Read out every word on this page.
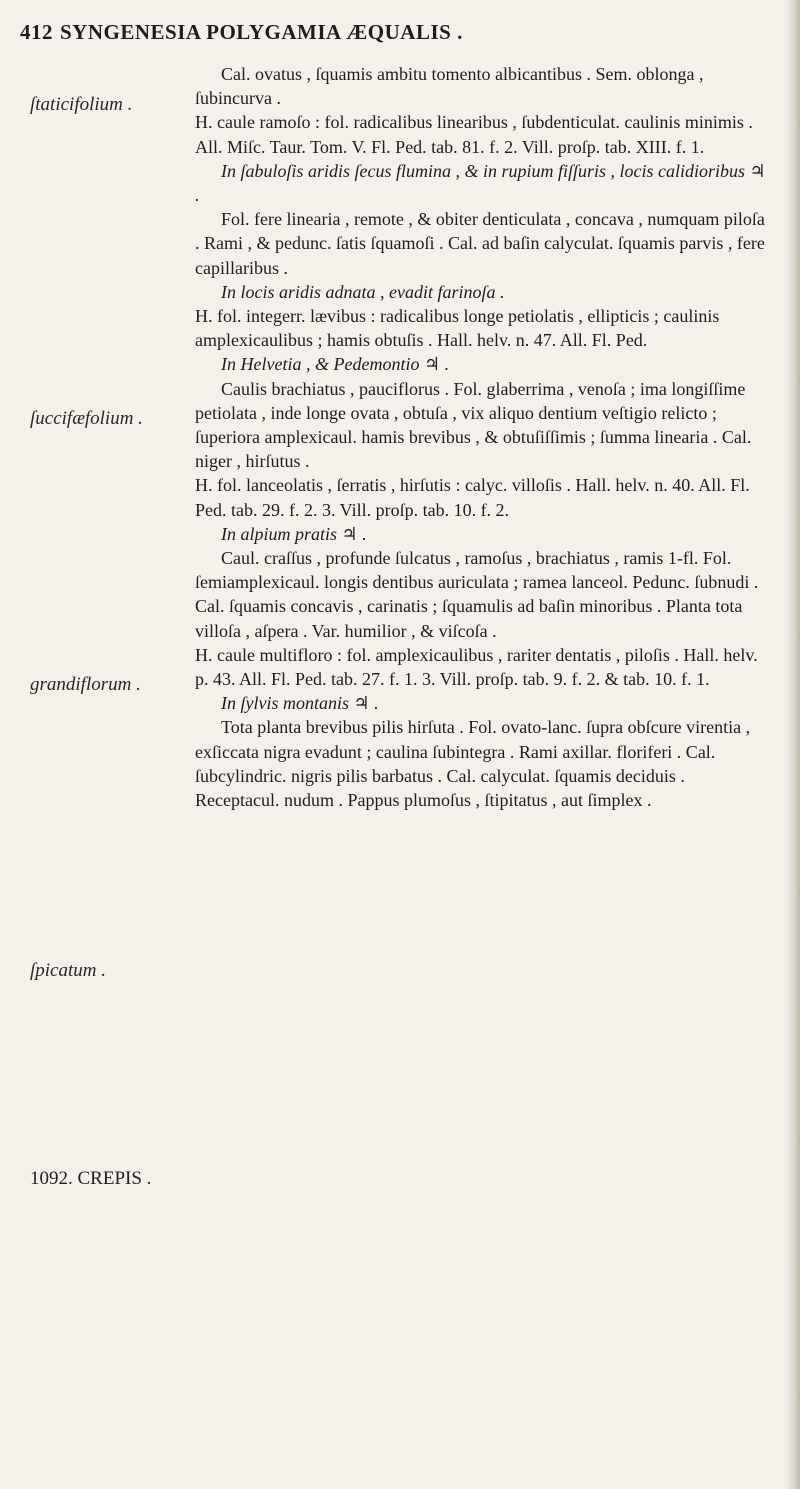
412 SYNGENESIA POLYGAMIA ÆQUALIS .
ſtaticifolium .
ſuccifæfolium .
grandiflorum .
ſpicatum .
1092. CREPIS .

Cal. ovatus , ſquamis ambitu tomento albicantibus . Sem. oblonga , ſubincurva .

H. caule ramoſo : fol. radicalibus linearibus , ſubdenticulat. caulinis minimis . All. Miſc. Taur. Tom. V. Fl. Ped. tab. 81. f. 2. Vill. proſp. tab. XIII. f. 1.

In ſabuloſis aridis ſecus flumina , & in rupium fiſſuris , locis calidioribus ♃ .

Fol. fere linearia , remote , & obiter denticulata , concava , numquam piloſa . Rami , & pedunc. ſatis ſquamoſi . Cal. ad baſin calyculat. ſquamis parvis , fere capillaribus .

In locis aridis adnata , evadit farinoſa .

H. fol. integerr. lævibus : radicalibus longe petiolatis , ellipticis ; caulinis amplexicaulibus ; hamis obtuſis . Hall. helv. n. 47. All. Fl. Ped.

In Helvetia , & Pedemontio ♃ .

Caulis brachiatus , pauciflorus . Fol. glaberrima , venoſa ; ima longiſſime petiolata , inde longe ovata , obtuſa , vix aliquo dentium veſtigio relicto ; ſuperiora amplexicaul. hamis brevibus , & obtuſiſſimis ; ſumma linearia . Cal. niger , hirſutus .

H. fol. lanceolatis , ſerratis , hirſutis : calyc. villoſis . Hall. helv. n. 40. All. Fl. Ped. tab. 29. f. 2. 3. Vill. proſp. tab. 10. f. 2.

In alpium pratis ♃ .

Caul. craſſus , profunde ſulcatus , ramoſus , brachiatus , ramis 1-fl. Fol. ſemiamplexicaul. longis dentibus auriculata ; ramea lanceol. Pedunc. ſubnudi . Cal. ſquamis concavis , carinatis ; ſquamulis ad baſin minoribus . Planta tota villoſa , aſpera . Var. humilior , & viſcoſa .

H. caule multifloro : fol. amplexicaulibus , rariter dentatis , piloſis . Hall. helv. p. 43. All. Fl. Ped. tab. 27. f. 1. 3. Vill. proſp. tab. 9. f. 2. & tab. 10. f. 1.

In ſylvis montanis ♃ .

Tota planta brevibus pilis hirſuta . Fol. ovato-lanc. ſupra obſcure virentia , exſiccata nigra evadunt ; caulina ſubintegra . Rami axillar. floriferi . Cal. ſubcylindric. nigris pilis barbatus . Cal. calyculat. ſquamis deciduis . Receptacul. nudum . Pappus plumoſus , ſtipitatus , aut ſimplex .
